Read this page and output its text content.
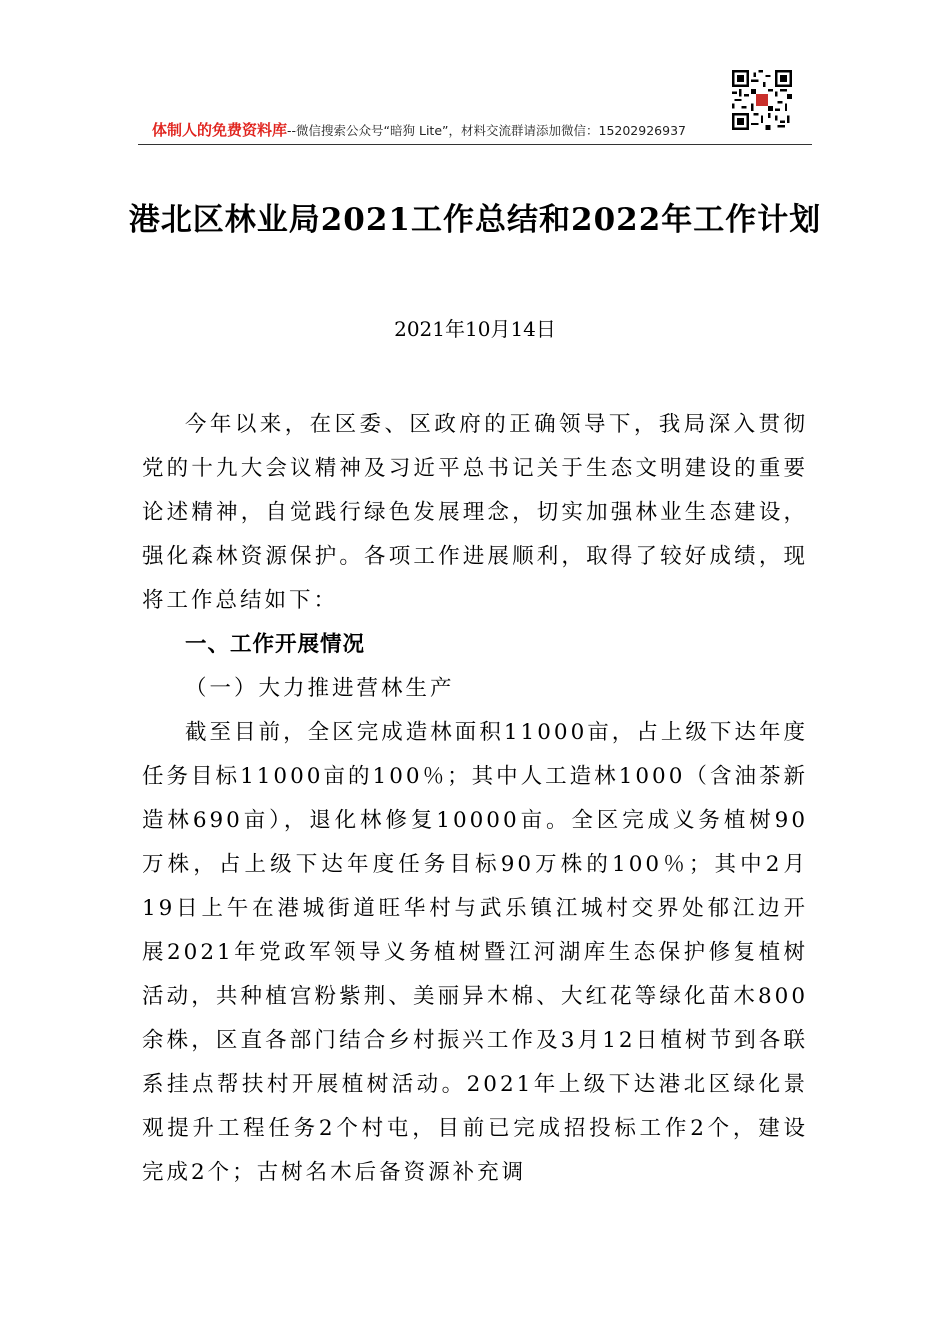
体制人的免费资料库--微信搜索公众号“暗狗 Lite”，材料交流群请添加微信：15202926937
港北区林业局2021工作总结和2022年工作计划
2021年10月14日

今年以来，在区委、区政府的正确领导下，我局深入贯彻党的十九大会议精神及习近平总书记关于生态文明建设的重要论述精神，自觉践行绿色发展理念，切实加强林业生态建设，强化森林资源保护。各项工作进展顺利，取得了较好成绩，现将工作总结如下：

一、工作开展情况

（一）大力推进营林生产

截至目前，全区完成造林面积11000亩，占上级下达年度任务目标11000亩的100％；其中人工造林1000（含油茶新造林690亩），退化林修复10000亩。全区完成义务植树90万株，占上级下达年度任务目标90万株的100％；其中2月19日上午在港城街道旺华村与武乐镇江城村交界处郁江边开展2021年党政军领导义务植树暨江河湖库生态保护修复植树活动，共种植宫粉紫荆、美丽异木棉、大红花等绿化苗木800余株，区直各部门结合乡村振兴工作及3月12日植树节到各联系挂点帮扶村开展植树活动。2021年上级下达港北区绿化景观提升工程任务2个村屯，目前已完成招投标工作2个，建设完成2个；古树名木后备资源补充调
